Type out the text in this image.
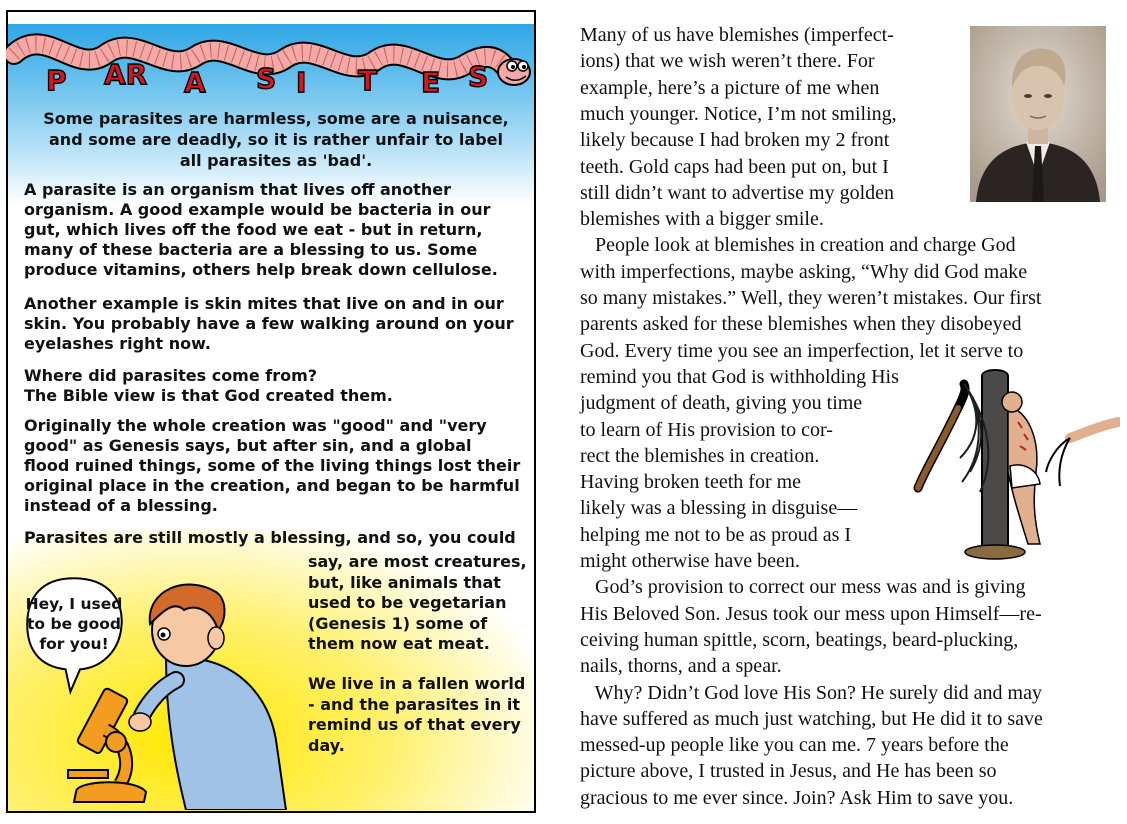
P AR A S I T E S
Some parasites are harmless, some are a nuisance, and some are deadly, so it is rather unfair to label all parasites as 'bad'.
A parasite is an organism that lives off another organism. A good example would be bacteria in our gut, which lives off the food we eat - but in return, many of these bacteria are a blessing to us. Some produce vitamins, others help break down cellulose.
Another example is skin mites that live on and in our skin. You probably have a few walking around on your eyelashes right now.
Where did parasites come from?
The Bible view is that God created them.
Originally the whole creation was "good" and "very good" as Genesis says, but after sin, and a global flood ruined things, some of the living things lost their original place in the creation, and began to be harmful instead of a blessing.
Parasites are still mostly a blessing, and so, you could
say, are most creatures, but, like animals that used to be vegetarian (Genesis 1) some of them now eat meat.
We live in a fallen world - and the parasites in it remind us of that every day.
Hey, I used to be good for you!
Many of us have blemishes (imperfect-
ions) that we wish weren’t there. For
example, here’s a picture of me when
much younger. Notice, I’m not smiling,
likely because I had broken my 2 front
teeth. Gold caps had been put on, but I
still didn’t want to advertise my golden
blemishes with a bigger smile.
People look at blemishes in creation and charge God
with imperfections, maybe asking, “Why did God make
so many mistakes.” Well, they weren’t mistakes. Our first
parents asked for these blemishes when they disobeyed
God. Every time you see an imperfection, let it serve to
remind you that God is withholding His
judgment of death, giving you time
to learn of His provision to cor-
rect the blemishes in creation.
Having broken teeth for me
likely was a blessing in disguise—
helping me not to be as proud as I
might otherwise have been.
God’s provision to correct our mess was and is giving
His Beloved Son. Jesus took our mess upon Himself—re-
ceiving human spittle, scorn, beatings, beard-plucking,
nails, thorns, and a spear.
Why? Didn’t God love His Son? He surely did and may
have suffered as much just watching, but He did it to save
messed-up people like you can me. 7 years before the
picture above, I trusted in Jesus, and He has been so
gracious to me ever since. Join? Ask Him to save you.
